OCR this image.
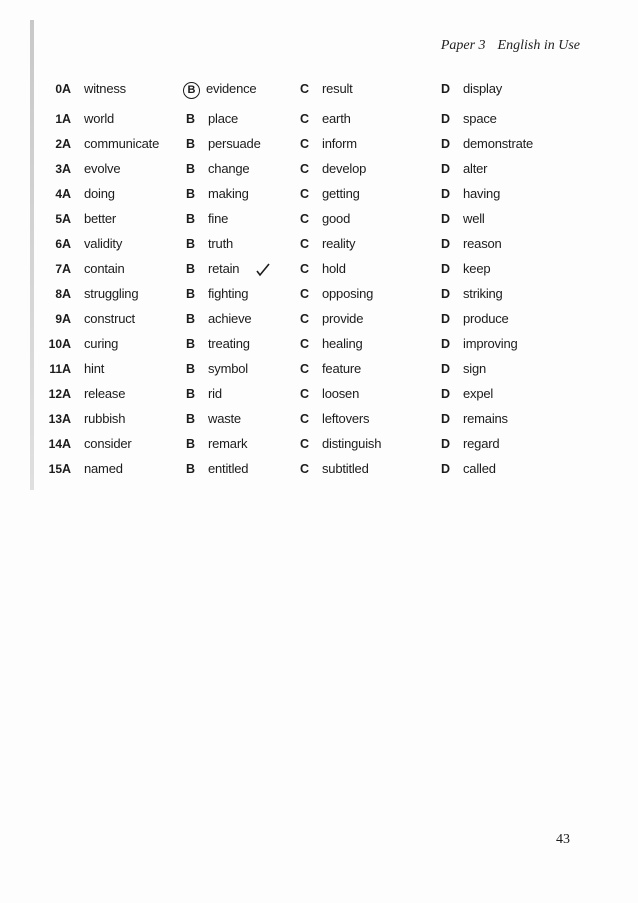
Paper 3 English in Use
0 A witness	B evidence	C result	D display
1 A world	B place	C earth	D space
2 A communicate B persuade	C inform	D demonstrate
3 A evolve	B change	C develop	D alter
4 A doing	B making	C getting	D having
5 A better	B fine	C good	D well
6 A validity	B truth	C reality	D reason
7 A contain	B retain	C hold	D keep
8 A struggling	B fighting	C opposing	D striking
9 A construct	B achieve	C provide	D produce
10 A curing	B treating	C healing	D improving
11 A hint	B symbol	C feature	D sign
12 A release	B rid	C loosen	D expel
13 A rubbish	B waste	C leftovers	D remains
14 A consider	B remark	C distinguish	D regard
15 A named	B entitled	C subtitled	D called
43
